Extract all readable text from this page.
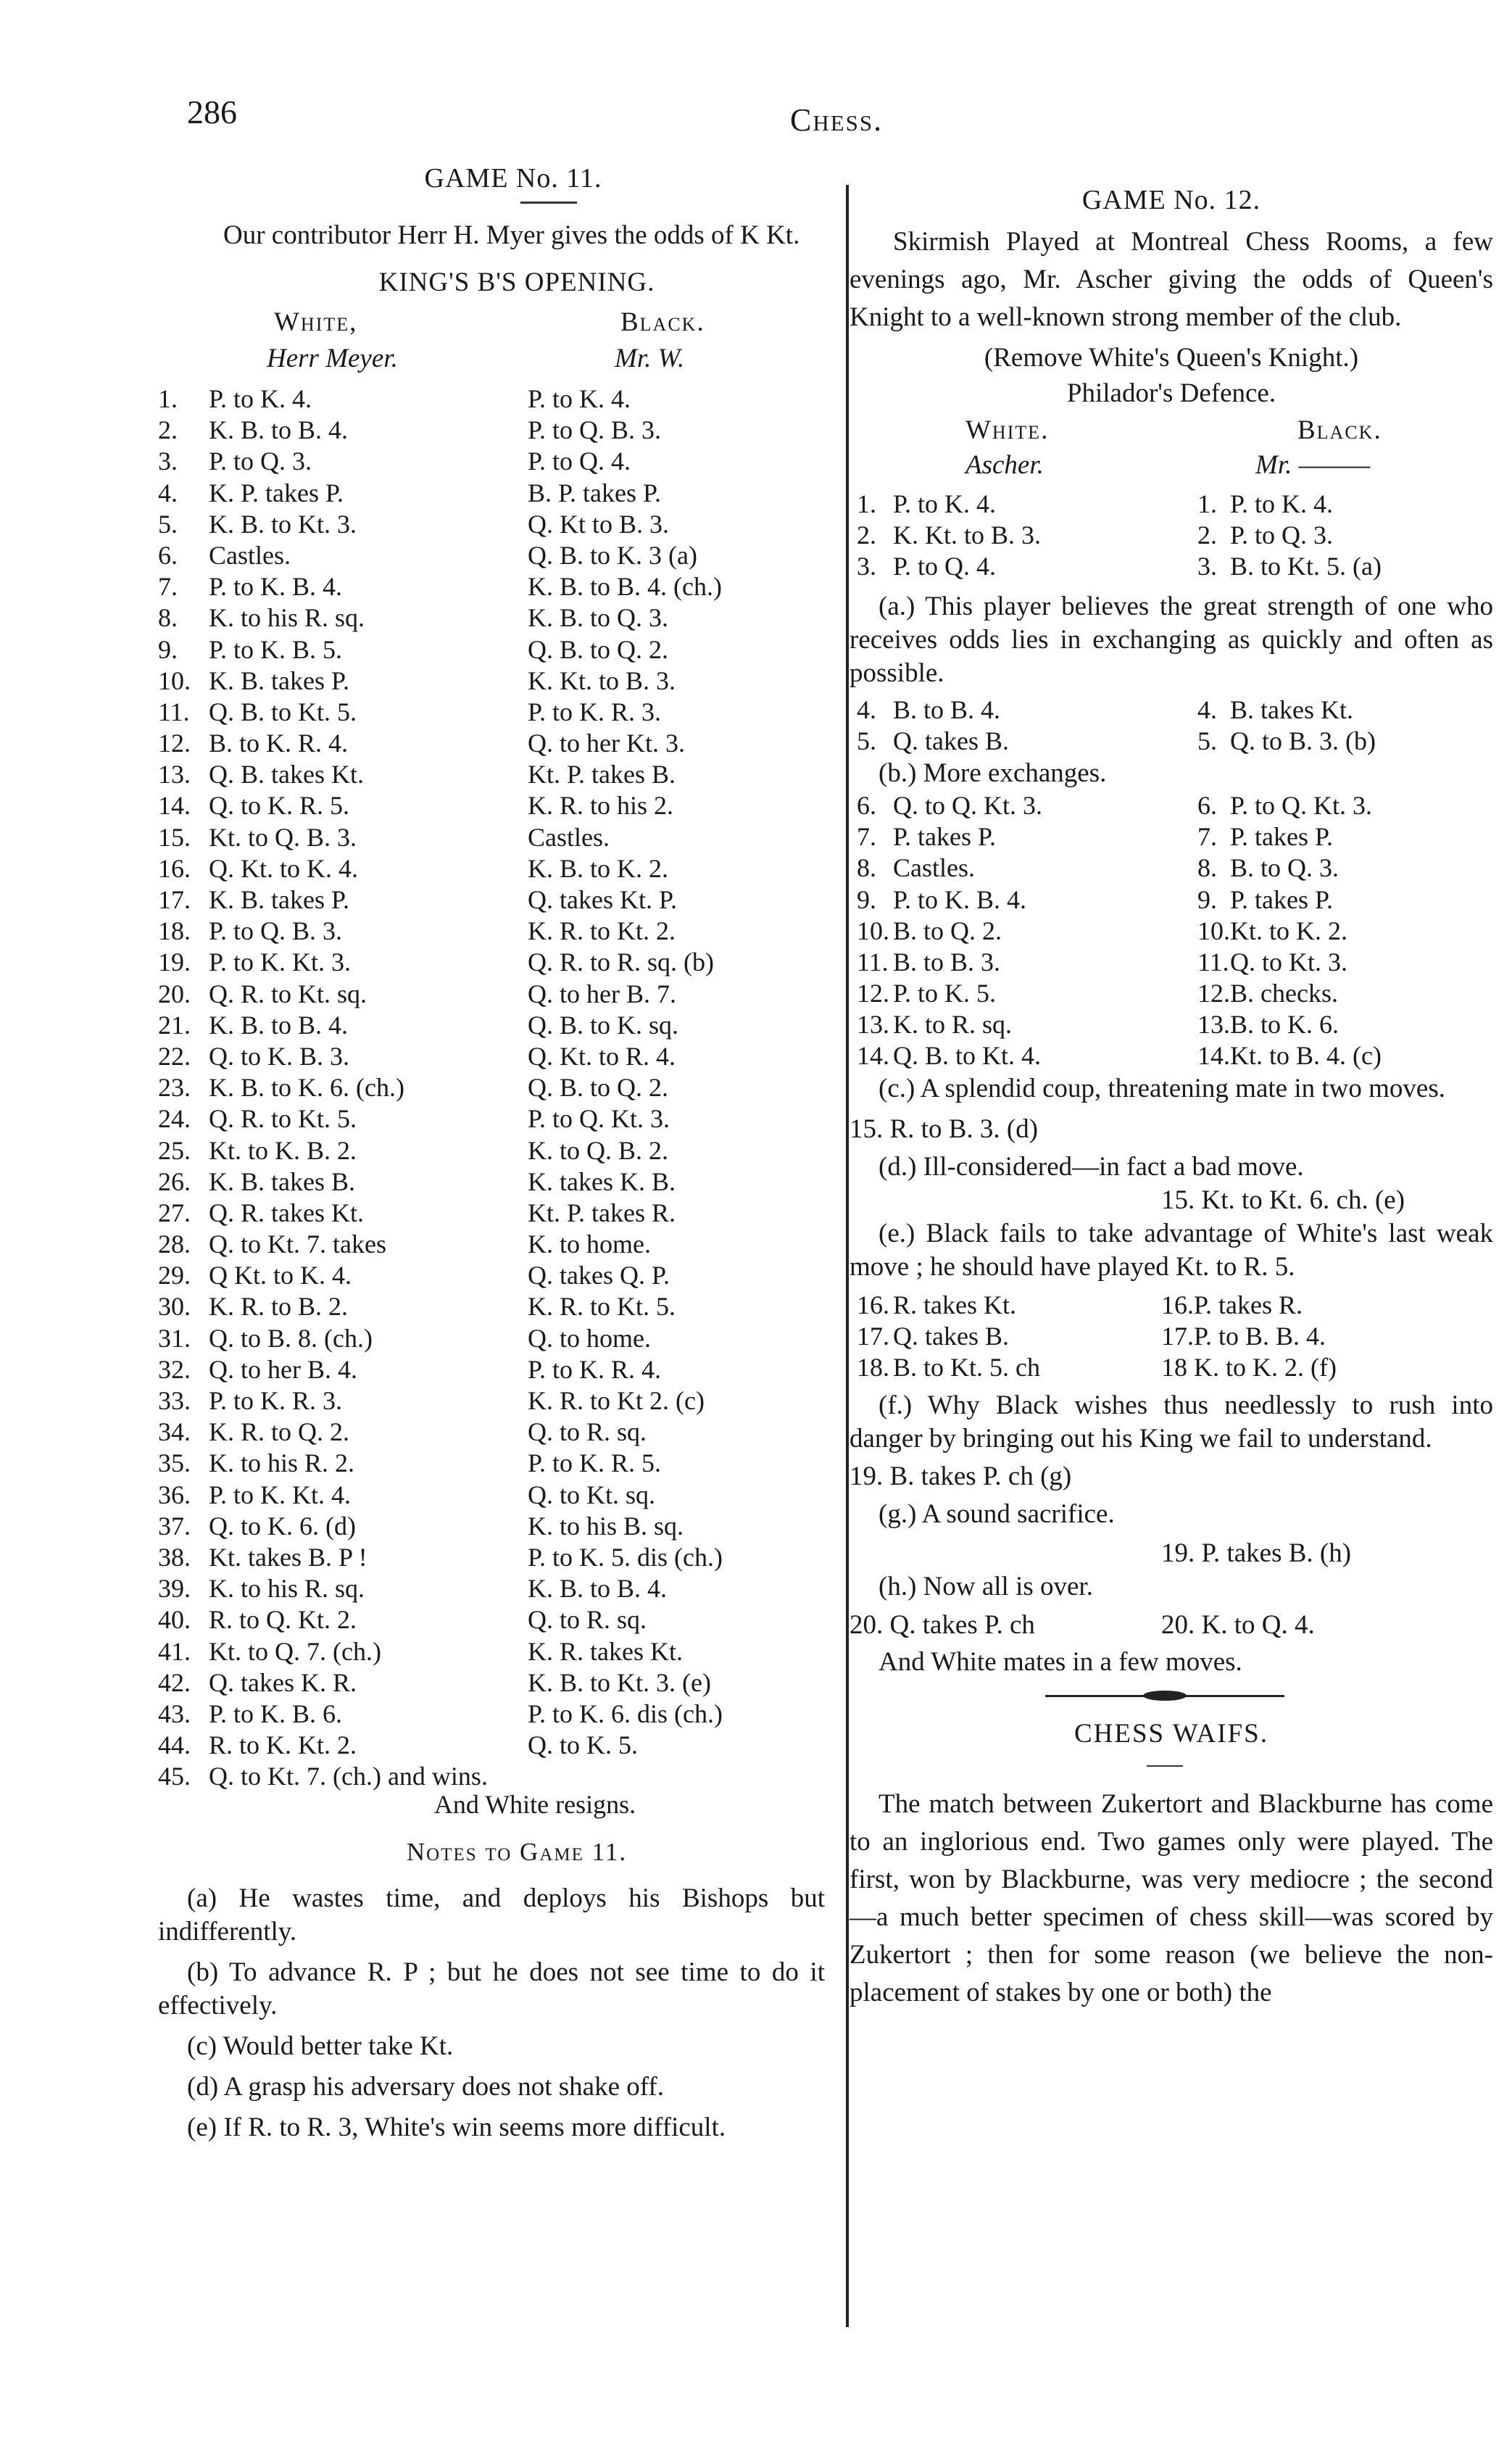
286	Chess.
GAME No. 11.
Our contributor Herr H. Myer gives the odds of K Kt.
KING'S B'S OPENING.
White,	Black.
Herr Meyer.	Mr. W.
1. P. to K. 4.	P. to K. 4.
2. K. B. to B. 4.	P. to Q. B. 3.
3. P. to Q. 3.	P. to Q. 4.
4. K. P. takes P.	B. P. takes P.
5. K. B. to Kt. 3.	Q. Kt to B. 3.
6. Castles.	Q. B. to K. 3 (a)
7. P. to K. B. 4.	K. B. to B. 4. (ch.)
8. K. to his R. sq.	K. B. to Q. 3.
9. P. to K. B. 5.	Q. B. to Q. 2.
10. K. B. takes P.	K. Kt. to B. 3.
11. Q. B. to Kt. 5.	P. to K. R. 3.
12. B. to K. R. 4.	Q. to her Kt. 3.
13. Q. B. takes Kt.	Kt. P. takes B.
14. Q. to K. R. 5.	K. R. to his 2.
15. Kt. to Q. B. 3.	Castles.
16. Q. Kt. to K. 4.	K. B. to K. 2.
17. K. B. takes P.	Q. takes Kt. P.
18. P. to Q. B. 3.	K. R. to Kt. 2.
19. P. to K. Kt. 3.	Q. R. to R. sq. (b)
20. Q. R. to Kt. sq.	Q. to her B. 7.
21. K. B. to B. 4.	Q. B. to K. sq.
22. Q. to K. B. 3.	Q. Kt. to R. 4.
23. K. B. to K. 6. (ch.)	Q. B. to Q. 2.
24. Q. R. to Kt. 5.	P. to Q. Kt. 3.
25. Kt. to K. B. 2.	K. to Q. B. 2.
26. K. B. takes B.	K. takes K. B.
27. Q. R. takes Kt.	Kt. P. takes R.
28. Q. to Kt. 7. takes	K. to home.
29. Q Kt. to K. 4.	Q. takes Q. P.
30. K. R. to B. 2.	K. R. to Kt. 5.
31. Q. to B. 8. (ch.)	Q. to home.
32. Q. to her B. 4.	P. to K. R. 4.
33. P. to K. R. 3.	K. R. to Kt 2. (c)
34. K. R. to Q. 2.	Q. to R. sq.
35. K. to his R. 2.	P. to K. R. 5.
36. P. to K. Kt. 4.	Q. to Kt. sq.
37. Q. to K. 6. (d)	K. to his B. sq.
38. Kt. takes B. P !	P. to K. 5. dis (ch.)
39. K. to his R. sq.	K. B. to B. 4.
40. R. to Q. Kt. 2.	Q. to R. sq.
41. Kt. to Q. 7. (ch.)	K. R. takes Kt.
42. Q. takes K. R.	K. B. to Kt. 3. (e)
43. P. to K. B. 6.	P. to K. 6. dis (ch.)
44. R. to K. Kt. 2.	Q. to K. 5.
45. Q. to Kt. 7. (ch.) and wins.
And White resigns.
Notes to Game 11.
(a) He wastes time, and deploys his Bishops but indifferently.
(b) To advance R. P ; but he does not see time to do it effectively.
(c) Would better take Kt.
(d) A grasp his adversary does not shake off.
(e) If R. to R. 3, White's win seems more difficult.
GAME No. 12.
Skirmish Played at Montreal Chess Rooms, a few evenings ago, Mr. Ascher giving the odds of Queen's Knight to a well-known strong member of the club.
(Remove White's Queen's Knight.)
Philador's Defence.
White.	Black.
Ascher.	Mr. ———
1. P. to K. 4.	1. P. to K. 4.
2. K. Kt. to B. 3.	2. P. to Q. 3.
3. P. to Q. 4.	3. B. to Kt. 5. (a)
(a.) This player believes the great strength of one who receives odds lies in exchanging as quickly and often as possible.
4. B. to B. 4.	4. B. takes Kt.
5. Q. takes B.	5. Q. to B. 3. (b)
(b.) More exchanges.
6. Q. to Q. Kt. 3.	6. P. to Q. Kt. 3.
7. P. takes P.	7. P. takes P.
8. Castles.	8. B. to Q. 3.
9. P. to K. B. 4.	9. P. takes P.
10. B. to Q. 2.	10. Kt. to K. 2.
11. B. to B. 3.	11. Q. to Kt. 3.
12. P. to K. 5.	12. B. checks.
13. K. to R. sq.	13. B. to K. 6.
14. Q. B. to Kt. 4.	14. Kt. to B. 4. (c)
(c.) A splendid coup, threatening mate in two moves.
15. R. to B. 3. (d)
(d.) Ill-considered—in fact a bad move.
15. Kt. to Kt. 6. ch. (e)
(e.) Black fails to take advantage of White's last weak move ; he should have played Kt. to R. 5.
16. R. takes Kt.	16. P. takes R.
17. Q. takes B.	17. P. to B. B. 4.
18. B. to Kt. 5. ch	18 K. to K. 2. (f)
(f.) Why Black wishes thus needlessly to rush into danger by bringing out his King we fail to understand.
19. B. takes P. ch (g)
(g.) A sound sacrifice.
19. P. takes B. (h)
(h.) Now all is over.
20. Q. takes P. ch	20. K. to Q. 4.
And White mates in a few moves.
CHESS WAIFS.
The match between Zukertort and Blackburne has come to an inglorious end. Two games only were played. The first, won by Blackburne, was very mediocre ; the second—a much better specimen of chess skill—was scored by Zukertort ; then for some reason (we believe the non-placement of stakes by one or both) the
